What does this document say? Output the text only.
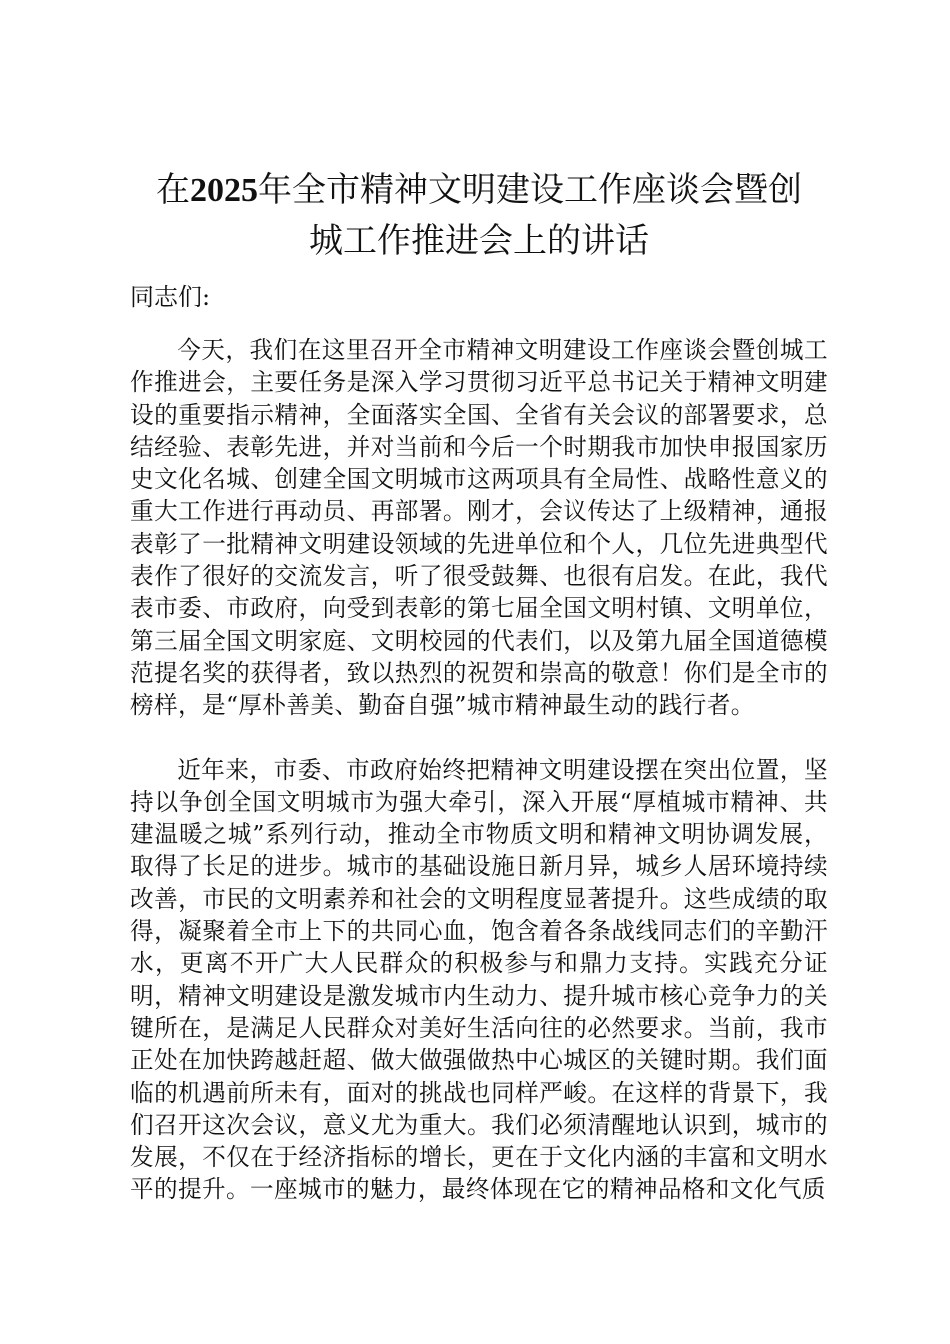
在2025年全市精神文明建设工作座谈会暨创
城工作推进会上的讲话
同志们:

今天，我们在这里召开全市精神文明建设工作座谈会暨创城工作推进会，主要任务是深入学习贯彻习近平总书记关于精神文明建设的重要指示精神，全面落实全国、全省有关会议的部署要求，总结经验、表彰先进，并对当前和今后一个时期我市加快申报国家历史文化名城、创建全国文明城市这两项具有全局性、战略性意义的重大工作进行再动员、再部署。刚才，会议传达了上级精神，通报表彰了一批精神文明建设领域的先进单位和个人，几位先进典型代表作了很好的交流发言，听了很受鼓舞、也很有启发。在此，我代表市委、市政府，向受到表彰的第七届全国文明村镇、文明单位，第三届全国文明家庭、文明校园的代表们，以及第九届全国道德模范提名奖的获得者，致以热烈的祝贺和崇高的敬意！你们是全市的榜样，是“厚朴善美、勤奋自强”城市精神最生动的践行者。

近年来，市委、市政府始终把精神文明建设摆在突出位置，坚持以争创全国文明城市为强大牵引，深入开展“厚植城市精神、共建温暖之城”系列行动，推动全市物质文明和精神文明协调发展，取得了长足的进步。城市的基础设施日新月异，城乡人居环境持续改善，市民的文明素养和社会的文明程度显著提升。这些成绩的取得，凝聚着全市上下的共同心血，饱含着各条战线同志们的辛勤汗水，更离不开广大人民群众的积极参与和鼎力支持。实践充分证明，精神文明建设是激发城市内生动力、提升城市核心竞争力的关键所在，是满足人民群众对美好生活向往的必然要求。当前，我市正处在加快跨越赶超、做大做强做热中心城区的关键时期。我们面临的机遇前所未有，面对的挑战也同样严峻。在这样的背景下，我们召开这次会议，意义尤为重大。我们必须清醒地认识到，城市的发展，不仅在于经济指标的增长，更在于文化内涵的丰富和文明水平的提升。一座城市的魅力，最终体现在它的精神品格和文化气质
